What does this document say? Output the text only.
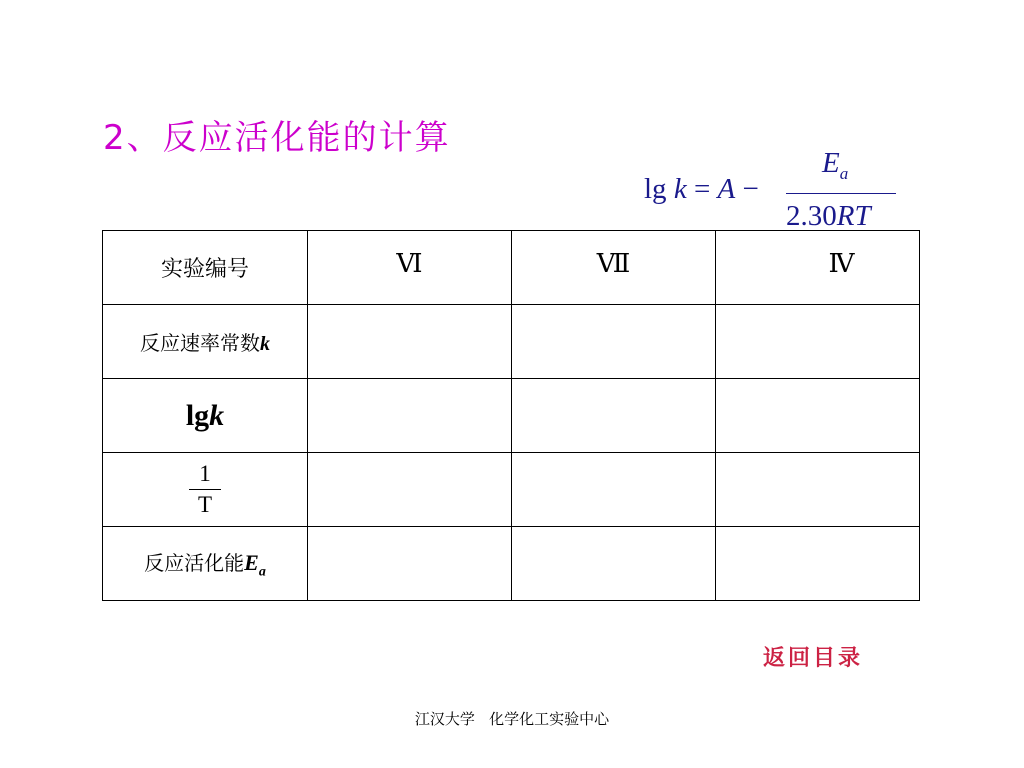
2、反应活化能的计算
lg k = A −
$E_a$
2.30RT
实验编号	Ⅵ	Ⅶ	Ⅳ
反应速率常数k			
lgk			

$\frac{1}{T}$

反应活化能$E_a$			
返回目录
江汉大学   化学化工实验中心
